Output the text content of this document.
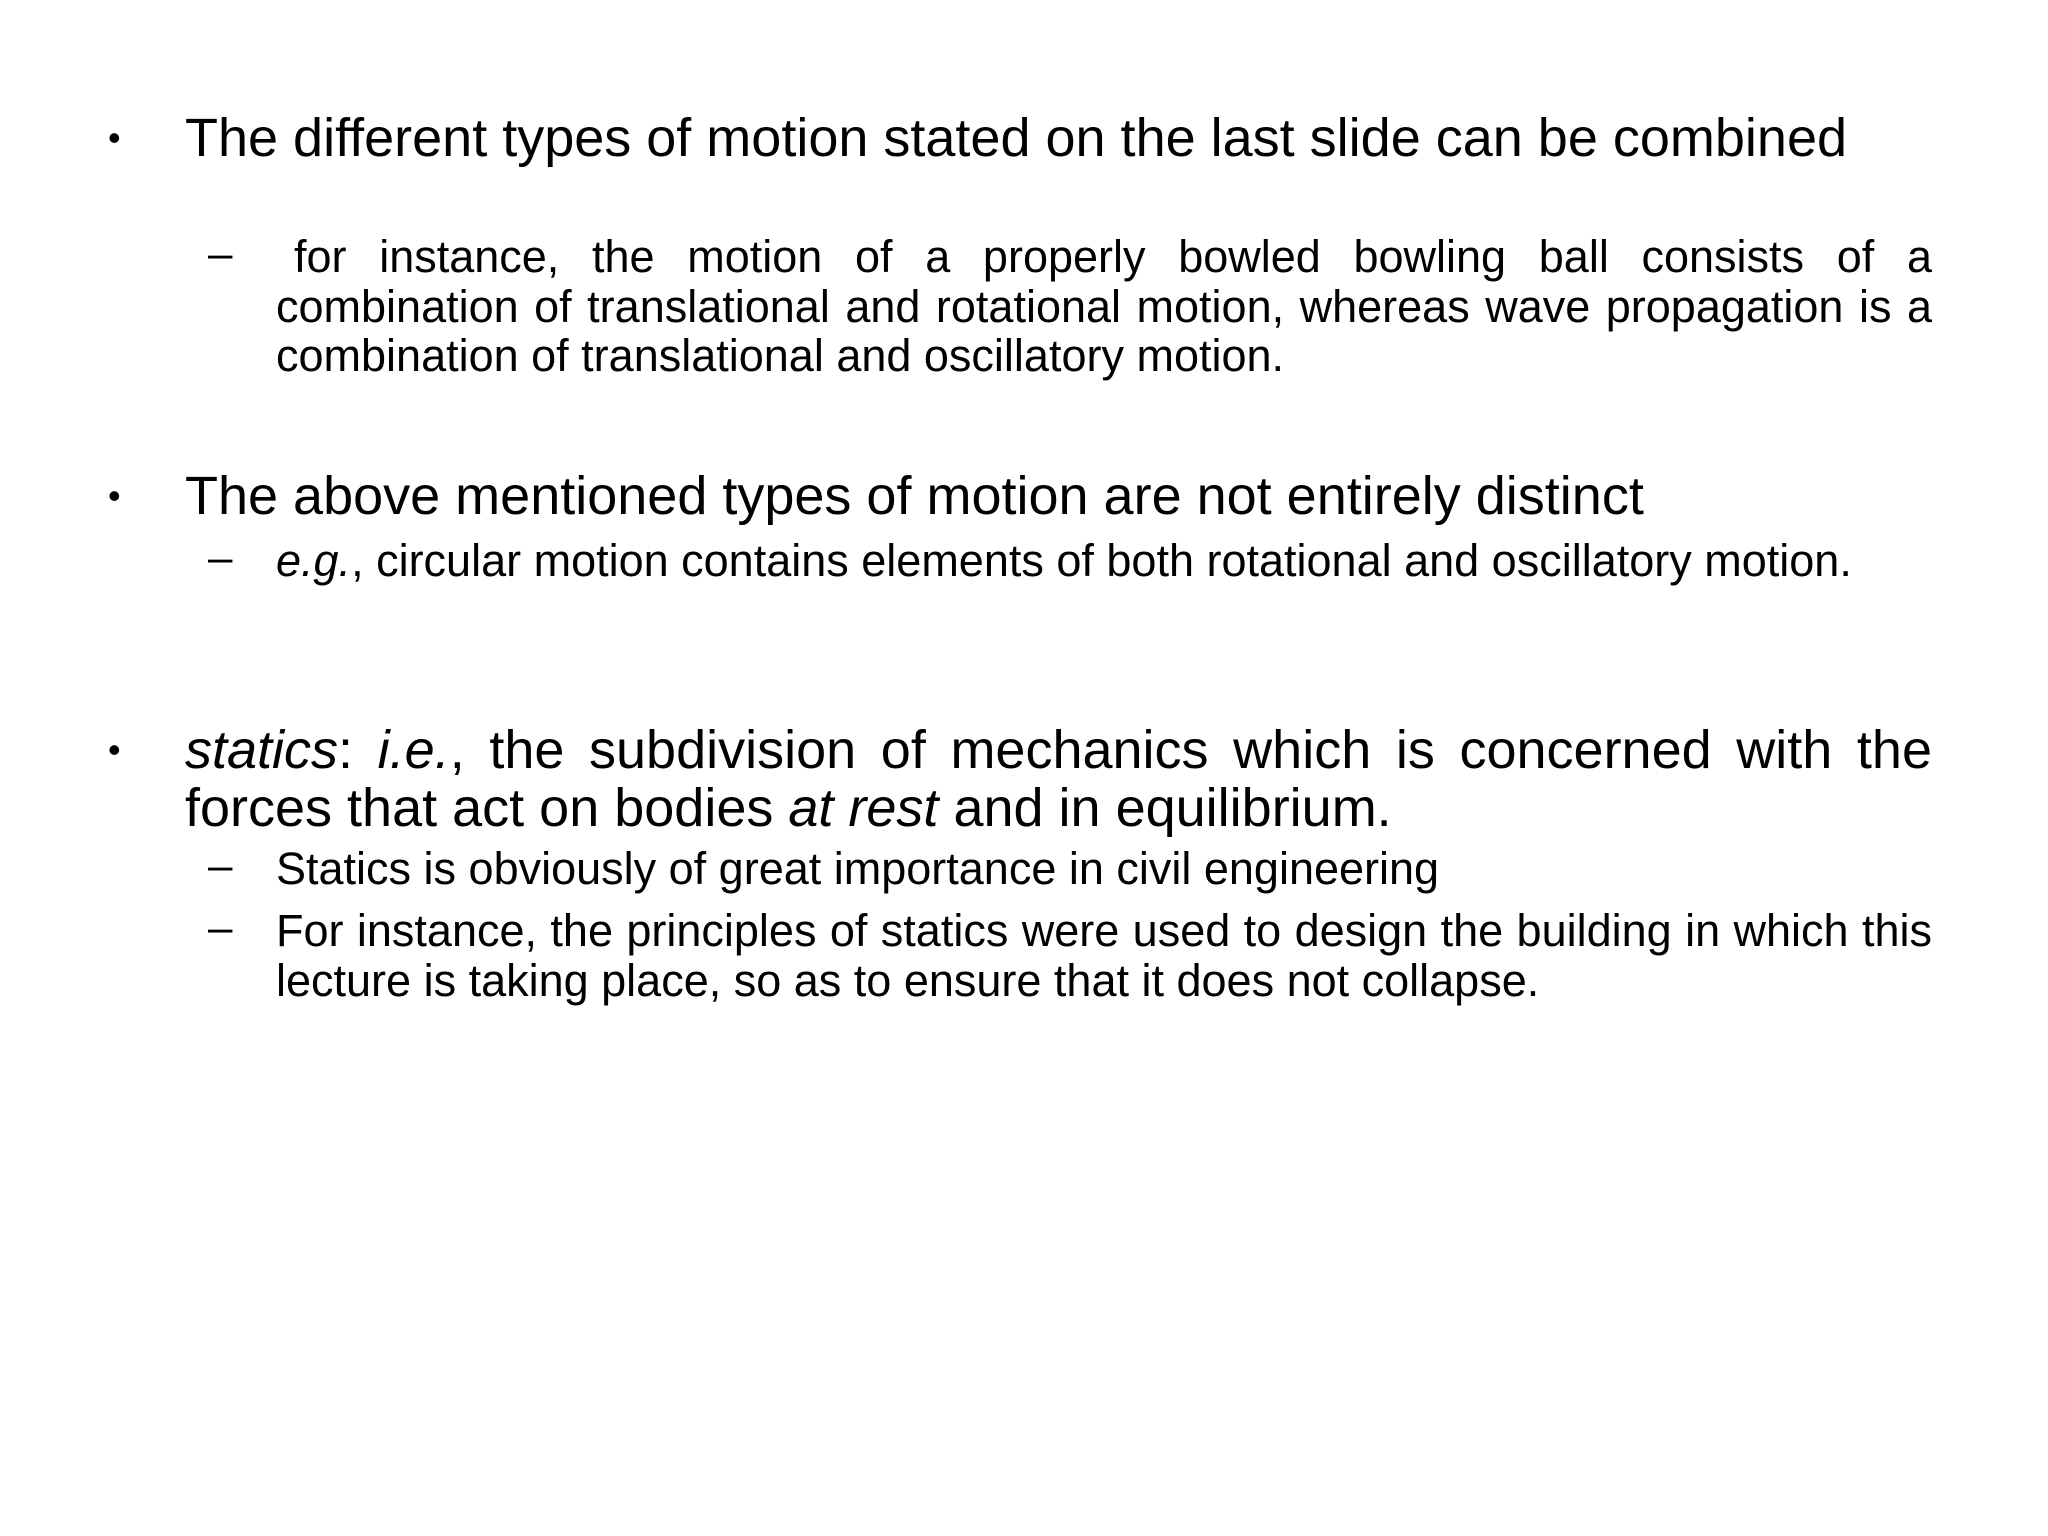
• The different types of motion stated on the last slide can be combined
–	for instance, the motion of a properly bowled bowling ball consists of a combination of translational and rotational motion, whereas wave propagation is a combination of translational and oscillatory motion.
• The above mentioned types of motion are not entirely distinct
– e.g., circular motion contains elements of both rotational and oscillatory motion.
• statics: i.e., the subdivision of mechanics which is concerned with the forces that act on bodies at rest and in equilibrium.
– Statics is obviously of great importance in civil engineering
– For instance, the principles of statics were used to design the building in which this lecture is taking place, so as to ensure that it does not collapse.
